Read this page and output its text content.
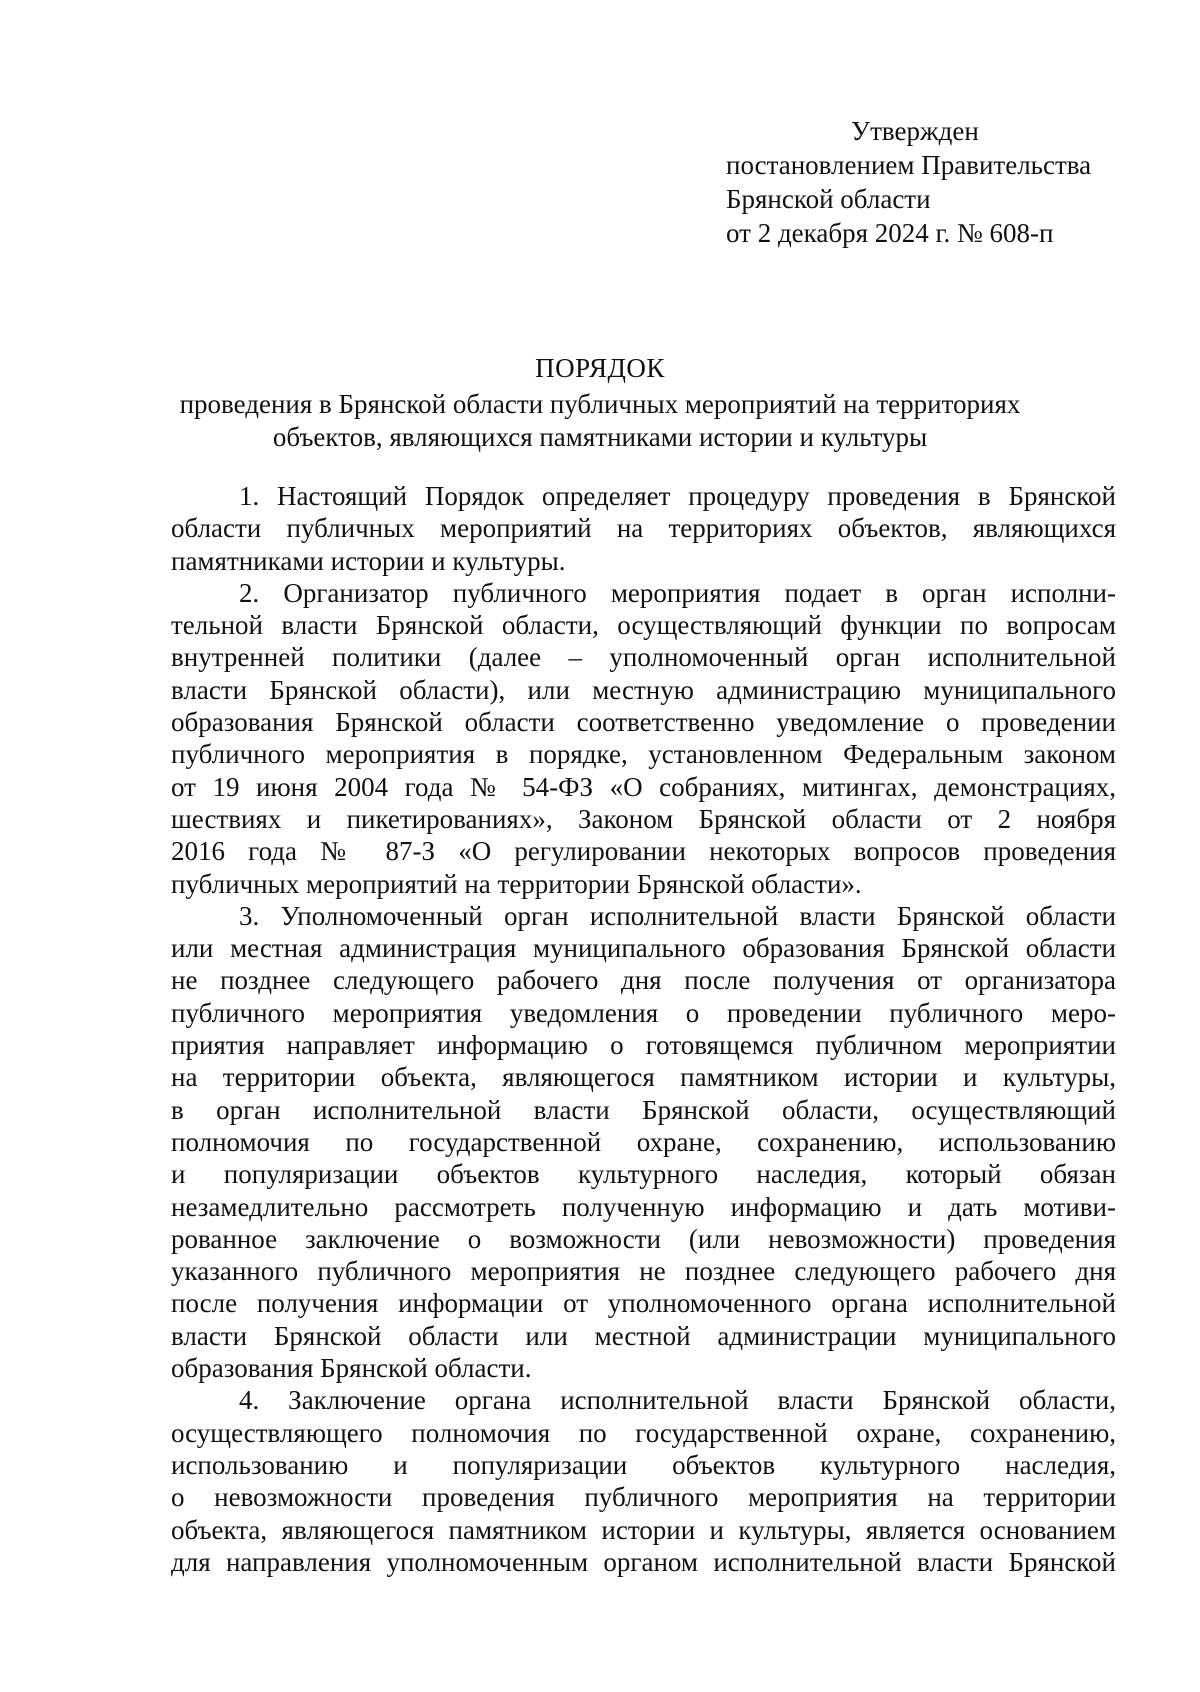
Утвержден
постановлением Правительства
Брянской области
от 2 декабря 2024 г. № 608-п
ПОРЯДОК
проведения в Брянской области публичных мероприятий на территориях
объектов, являющихся памятниками истории и культуры
1. Настоящий Порядок определяет процедуру проведения в Брянской
области публичных мероприятий на территориях объектов, являющихся
памятниками истории и культуры.
2. Организатор публичного мероприятия подает в орган исполни-
тельной власти Брянской области, осуществляющий функции по вопросам
внутренней политики (далее – уполномоченный орган исполнительной
власти Брянской области), или местную администрацию муниципального
образования Брянской области соответственно уведомление о проведении
публичного мероприятия в порядке, установленном Федеральным законом
от 19 июня 2004 года № 54-ФЗ «О собраниях, митингах, демонстрациях,
шествиях и пикетированиях», Законом Брянской области от 2 ноября
2016 года № 87-З «О регулировании некоторых вопросов проведения
публичных мероприятий на территории Брянской области».
3. Уполномоченный орган исполнительной власти Брянской области
или местная администрация муниципального образования Брянской области
не позднее следующего рабочего дня после получения от организатора
публичного мероприятия уведомления о проведении публичного меро-
приятия направляет информацию о готовящемся публичном мероприятии
на территории объекта, являющегося памятником истории и культуры,
в орган исполнительной власти Брянской области, осуществляющий
полномочия по государственной охране, сохранению, использованию
и популяризации объектов культурного наследия, который обязан
незамедлительно рассмотреть полученную информацию и дать мотиви-
рованное заключение о возможности (или невозможности) проведения
указанного публичного мероприятия не позднее следующего рабочего дня
после получения информации от уполномоченного органа исполнительной
власти Брянской области или местной администрации муниципального
образования Брянской области.
4. Заключение органа исполнительной власти Брянской области,
осуществляющего полномочия по государственной охране, сохранению,
использованию и популяризации объектов культурного наследия,
о невозможности проведения публичного мероприятия на территории
объекта, являющегося памятником истории и культуры, является основанием
для направления уполномоченным органом исполнительной власти Брянской
